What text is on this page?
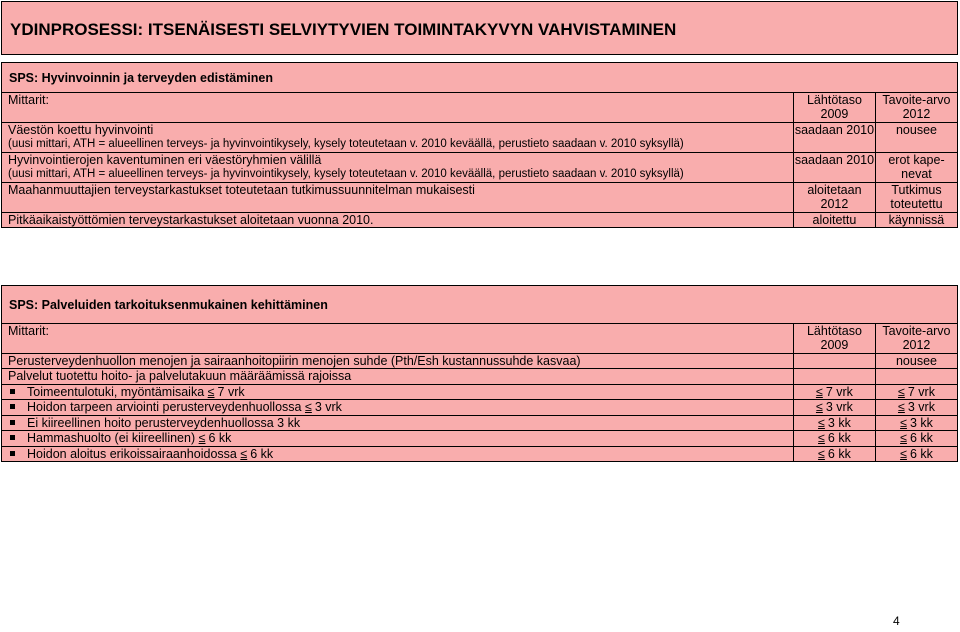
YDINPROSESSI: ITSENÄISESTI SELVIYTYVIEN TOIMINTAKYVYN VAHVISTAMINEN
SPS: Hyvinvoinnin ja terveyden edistäminen		
Mittarit:	Lähtötaso 2009	Tavoite-arvo 2012
Väestön koettu hyvinvointi
(uusi mittari, ATH = alueellinen terveys- ja hyvinvointikysely, kysely toteutetaan v. 2010 keväällä, perustieto saadaan v. 2010 syksyllä)	saadaan 2010	nousee
Hyvinvointierojen kaventuminen eri väestöryhmien välillä
(uusi mittari, ATH = alueellinen terveys- ja hyvinvointikysely, kysely toteutetaan v. 2010 keväällä, perustieto saadaan v. 2010 syksyllä)	saadaan 2010	erot kape-nevat
Maahanmuuttajien terveystarkastukset toteutetaan tutkimussuunnitelman mukaisesti	aloitetaan 2012	Tutkimus toteutettu
Pitkäaikaistyöttömien terveystarkastukset aloitetaan vuonna 2010.	aloitettu	käynnissä
SPS: Palveluiden tarkoituksenmukainen kehittäminen		
Mittarit:	Lähtötaso 2009	Tavoite-arvo 2012
Perusterveydenhuollon menojen ja sairaanhoitopiirin menojen suhde (Pth/Esh kustannussuhde kasvaa)		nousee
Palvelut tuotettu hoito- ja palvelutakuun määräämissä rajoissa		
Toimeentulotuki, myöntämisaika ≤ 7 vrk	≤ 7 vrk	≤ 7 vrk
Hoidon tarpeen arviointi perusterveydenhuollossa ≤ 3 vrk	≤ 3 vrk	≤ 3 vrk
Ei kiireellinen hoito perusterveydenhuollossa 3 kk	≤ 3 kk	≤ 3 kk
Hammashuolto (ei kiireellinen) ≤ 6 kk	≤ 6 kk	≤ 6 kk
Hoidon aloitus erikoissairaanhoidossa ≤ 6 kk	≤ 6 kk	≤ 6 kk
4
